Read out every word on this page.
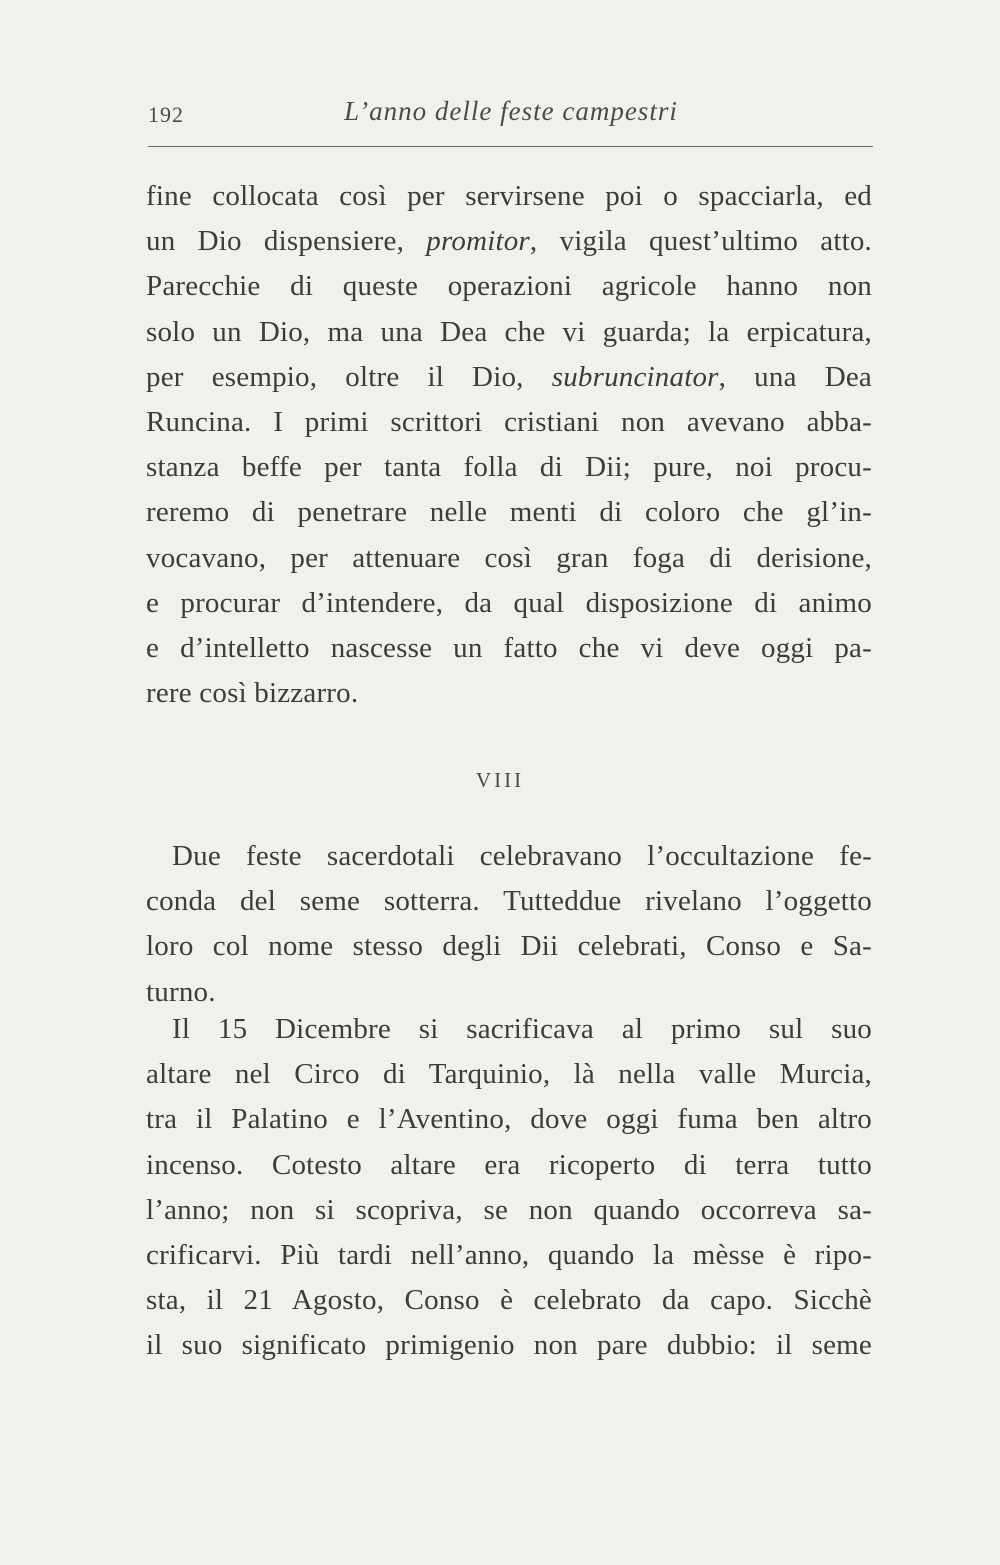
192	L’anno delle feste campestri
fine collocata così per servirsene poi o spacciarla, ed
un Dio dispensiere, promitor, vigila quest’ultimo atto.
Parecchie di queste operazioni agricole hanno non
solo un Dio, ma una Dea che vi guarda; la erpicatura,
per esempio, oltre il Dio, subruncinator, una Dea
Runcina. I primi scrittori cristiani non avevano abba-
stanza beffe per tanta folla di Dii; pure, noi procu-
reremo di penetrare nelle menti di coloro che gl’in-
vocavano, per attenuare così gran foga di derisione,
e procurar d’intendere, da qual disposizione di animo
e d’intelletto nascesse un fatto che vi deve oggi pa-
rere così bizzarro.
VIII
Due feste sacerdotali celebravano l’occultazione fe-
conda del seme sotterra. Tutteddue rivelano l’oggetto
loro col nome stesso degli Dii celebrati, Conso e Sa-
turno.
Il 15 Dicembre si sacrificava al primo sul suo
altare nel Circo di Tarquinio, là nella valle Murcia,
tra il Palatino e l’Aventino, dove oggi fuma ben altro
incenso. Cotesto altare era ricoperto di terra tutto
l’anno; non si scopriva, se non quando occorreva sa-
crificarvi. Più tardi nell’anno, quando la mèsse è ripo-
sta, il 21 Agosto, Conso è celebrato da capo. Sicchè
il suo significato primigenio non pare dubbio: il seme
